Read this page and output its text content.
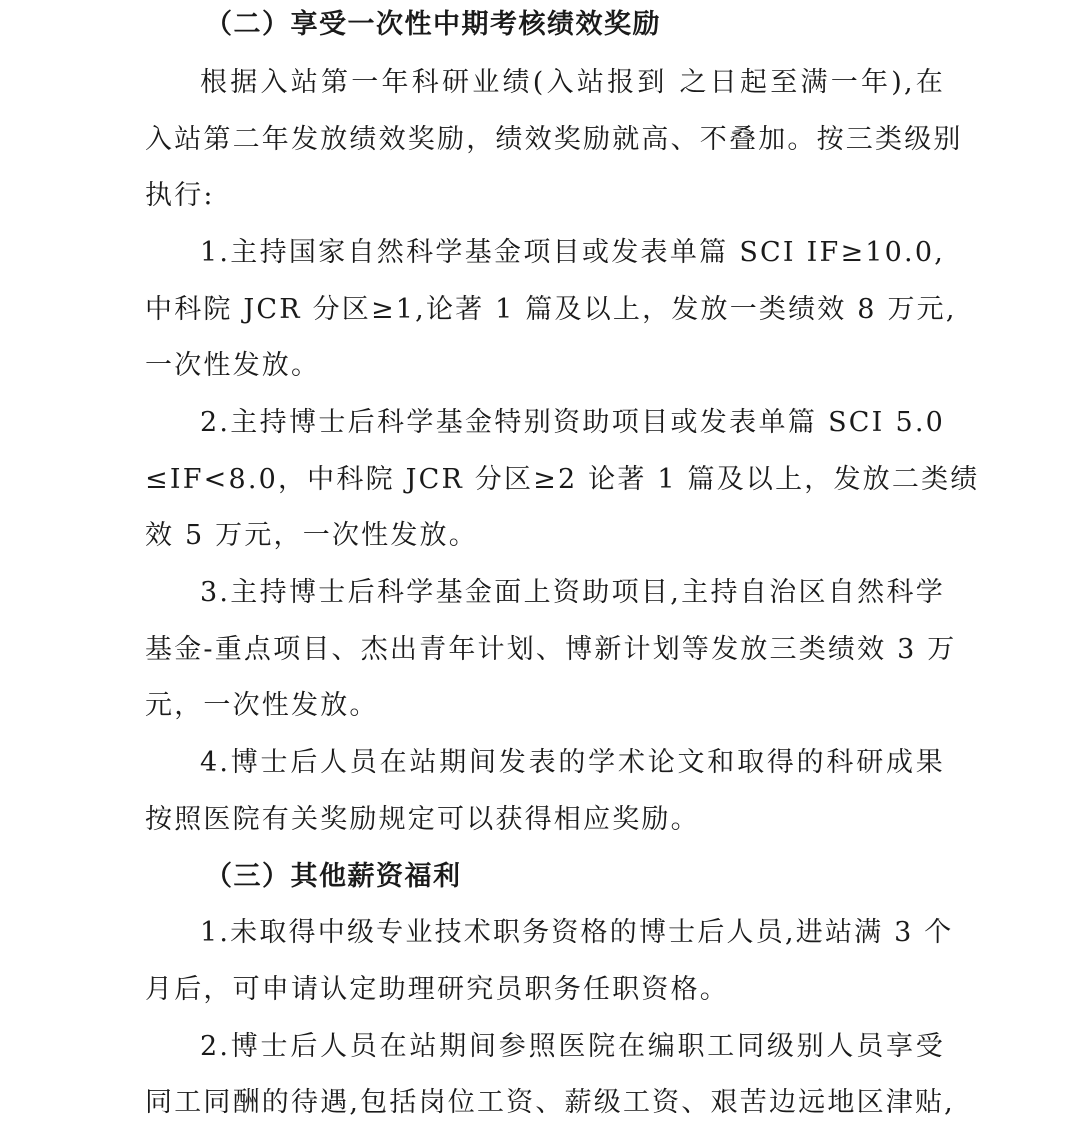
（二）享受一次性中期考核绩效奖励
根据入站第一年科研业绩(入站报到 之日起至满一年),在
入站第二年发放绩效奖励，绩效奖励就高、不叠加。按三类级别
执行:
1.主持国家自然科学基金项目或发表单篇 SCI IF≥10.0,
中科院 JCR 分区≥1,论著 1 篇及以上，发放一类绩效 8 万元,
一次性发放。
2.主持博士后科学基金特别资助项目或发表单篇 SCI 5.0
≤IF<8.0，中科院 JCR 分区≥2 论著 1 篇及以上，发放二类绩
效 5 万元，一次性发放。
3.主持博士后科学基金面上资助项目,主持自治区自然科学
基金-重点项目、杰出青年计划、博新计划等发放三类绩效 3 万
元，一次性发放。
4.博士后人员在站期间发表的学术论文和取得的科研成果
按照医院有关奖励规定可以获得相应奖励。
（三）其他薪资福利
1.未取得中级专业技术职务资格的博士后人员,进站满 3 个
月后，可申请认定助理研究员职务任职资格。
2.博士后人员在站期间参照医院在编职工同级别人员享受
同工同酬的待遇,包括岗位工资、薪级工资、艰苦边远地区津贴,
